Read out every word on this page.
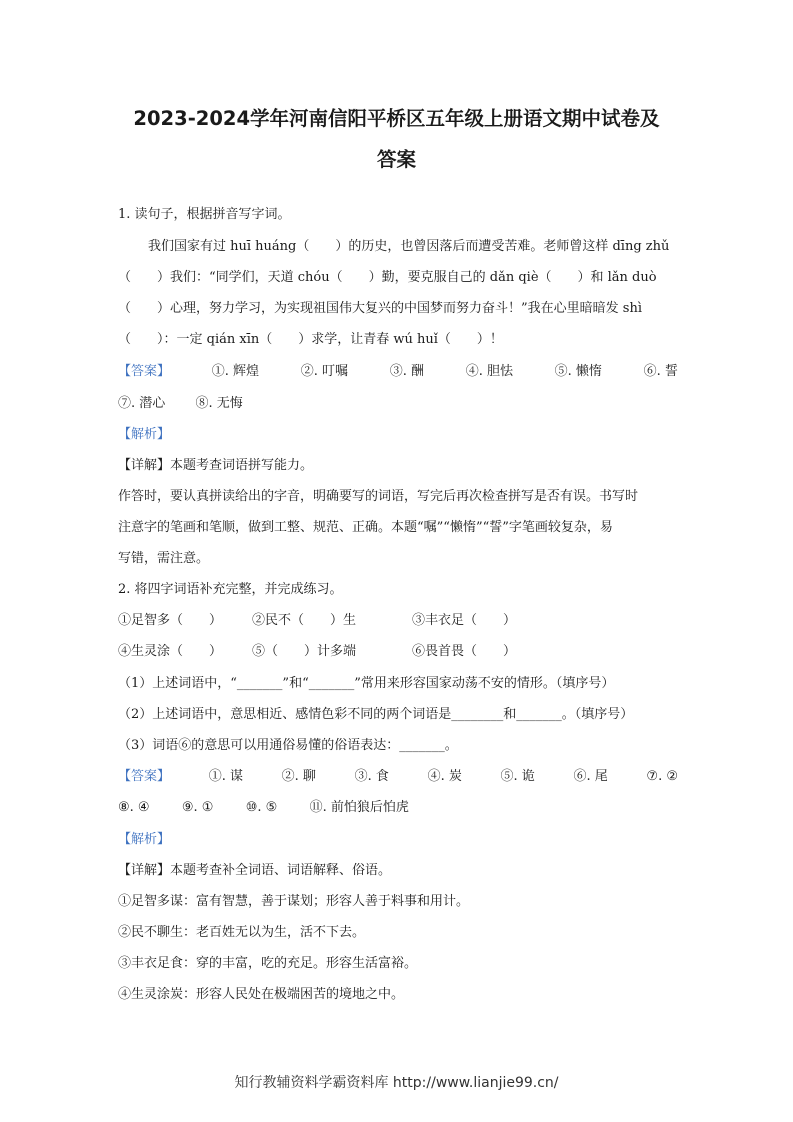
2023-2024学年河南信阳平桥区五年级上册语文期中试卷及
答案
1. 读句子，根据拼音写字词。
我们国家有过 huī huáng（　　）的历史，也曾因落后而遭受苦难。老师曾这样 dīng zhǔ
（　　）我们：“同学们，天道 chóu（　　）勤，要克服自己的 dǎn qiè（　　）和 lǎn duò
（　　）心理，努力学习，为实现祖国伟大复兴的中国梦而努力奋斗！”我在心里暗暗发 shì
（　　）：一定 qián xīn（　　）求学，让青春 wú huǐ（　　）！
【答案】	①. 辉煌	②. 叮嘱	③. 酬	④. 胆怯	⑤. 懒惰	⑥. 誓
⑦. 潜心 ⑧. 无悔
【解析】
【详解】本题考查词语拼写能力。
作答时，要认真拼读给出的字音，明确要写的词语，写完后再次检查拼写是否有误。书写时
注意字的笔画和笔顺，做到工整、规范、正确。本题“嘱”“懒惰”“誓”字笔画较复杂，易
写错，需注意。
2. 将四字词语补充完整，并完成练习。
①足智多（　　） ②民不（　　）生	③丰衣足（　　）
④生灵涂（　　） ⑤（　　）计多端	⑥畏首畏（　　）
（1）上述词语中，“_______”和“_______”常用来形容国家动荡不安的情形。（填序号）
（2）上述词语中，意思相近、感情色彩不同的两个词语是________和_______。（填序号）
（3）词语⑥的意思可以用通俗易懂的俗语表达：_______。
【答案】	①. 谋	②. 聊	③. 食	④. 炭	⑤. 诡	⑥. 尾	⑦. ②
⑧. ④ ⑨. ① ⑩. ⑤ ⑪. 前怕狼后怕虎
【解析】
【详解】本题考查补全词语、词语解释、俗语。
①足智多谋：富有智慧，善于谋划；形容人善于料事和用计。
②民不聊生：老百姓无以为生，活不下去。
③丰衣足食：穿的丰富，吃的充足。形容生活富裕。
④生灵涂炭：形容人民处在极端困苦的境地之中。
知行教辅资料学霸资料库 http://www.lianjie99.cn/
